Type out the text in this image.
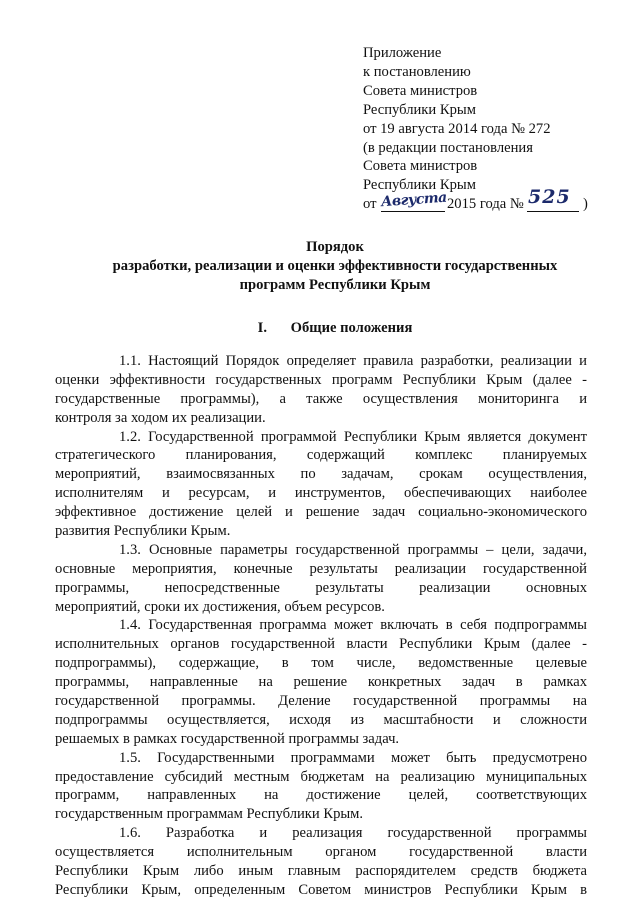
Приложение
к постановлению
Совета министров
Республики Крым
от 19 августа 2014 года № 272
(в редакции постановления
Совета министров
Республики Крым
от Августа 2015 года № 525 )
Порядок
разработки, реализации и оценки эффективности государственных
программ Республики Крым
I. Общие положения
1.1. Настоящий Порядок определяет правила разработки, реализации и
оценки эффективности государственных программ Республики Крым (далее -
государственные программы), а также осуществления мониторинга и
контроля за ходом их реализации.
1.2. Государственной программой Республики Крым является документ
стратегического планирования, содержащий комплекс планируемых
мероприятий, взаимосвязанных по задачам, срокам осуществления,
исполнителям и ресурсам, и инструментов, обеспечивающих наиболее
эффективное достижение целей и решение задач социально-экономического
развития Республики Крым.
1.3. Основные параметры государственной программы – цели, задачи,
основные мероприятия, конечные результаты реализации государственной
программы, непосредственные результаты реализации основных
мероприятий, сроки их достижения, объем ресурсов.
1.4. Государственная программа может включать в себя подпрограммы
исполнительных органов государственной власти Республики Крым (далее -
подпрограммы), содержащие, в том числе, ведомственные целевые
программы, направленные на решение конкретных задач в рамках
государственной программы. Деление государственной программы на
подпрограммы осуществляется, исходя из масштабности и сложности
решаемых в рамках государственной программы задач.
1.5. Государственными программами может быть предусмотрено
предоставление субсидий местным бюджетам на реализацию муниципальных
программ, направленных на достижение целей, соответствующих
государственным программам Республики Крым.
1.6. Разработка и реализация государственной программы
осуществляется исполнительным органом государственной власти
Республики Крым либо иным главным распорядителем средств бюджета
Республики Крым, определенным Советом министров Республики Крым в
